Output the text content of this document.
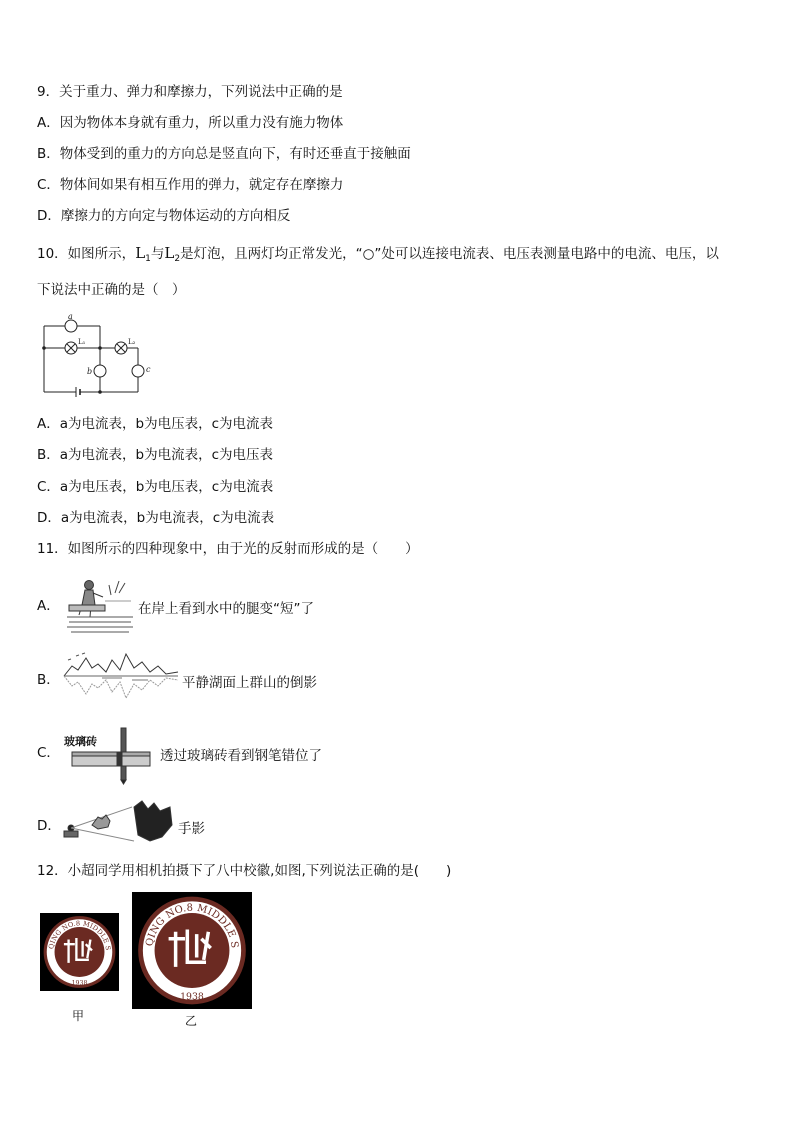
9．关于重力、弹力和摩擦力，下列说法中正确的是
A．因为物体本身就有重力，所以重力没有施力物体
B．物体受到的重力的方向总是竖直向下，有时还垂直于接触面
C．物体间如果有相互作用的弹力，就定存在摩擦力
D．摩擦力的方向定与物体运动的方向相反
10．如图所示，$L_1$与$L_2$是灯泡，且两灯均正常发光，“○”处可以连接电流表、电压表测量电路中的电流、电压，以
下说法中正确的是（　）
a
L₁	L₂
b	c
A．a为电流表，b为电压表，c为电流表
B．a为电流表，b为电流表，c为电压表
C．a为电压表，b为电压表，c为电流表
D．a为电流表，b为电流表，c为电流表
11．如图所示的四种现象中，由于光的反射而形成的是（　　）
A．	在岸上看到水中的腿变“短”了
B．	平静湖面上群山的倒影
C．
玻璃砖
透过玻璃砖看到钢笔错位了
D．	手影
12．小超同学用相机拍摄下了八中校徽,如图,下列说法正确的是(　　)
CHONGQING NO.8 MIDDLE SCHOOL
1938
甲
CHONGQING NO.8 MIDDLE SCHOOL
1938
乙
